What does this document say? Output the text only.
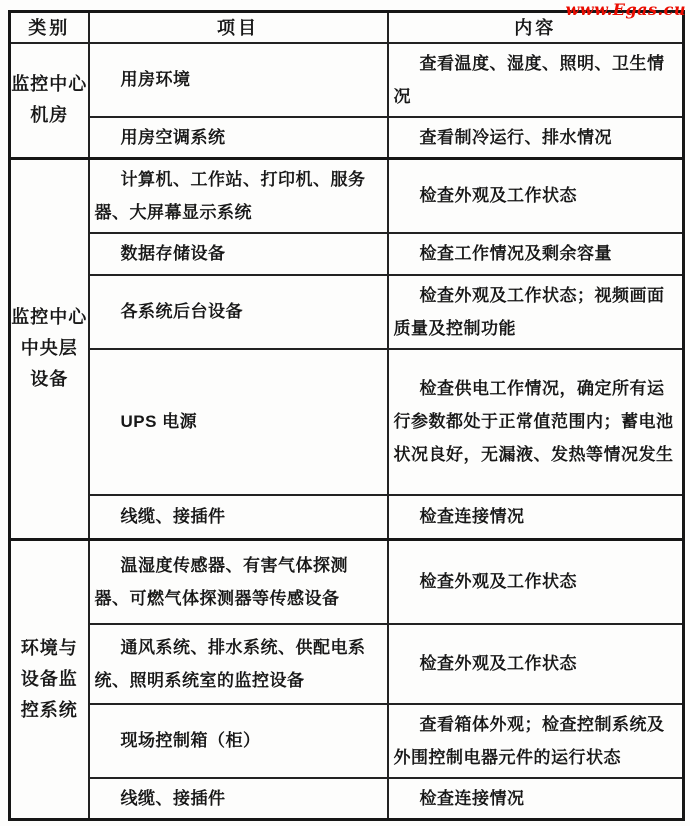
www.Egas.cu
类别	项目	内容

监控中心
机房	用房环境	查看温度、湿度、照明、卫生情况

	用房空调系统	查看制冷运行、排水情况

监控中心
中央层
设备	计算机、工作站、打印机、服务器、大屏幕显示系统	检查外观及工作状态

	数据存储设备	检查工作情况及剩余容量

	各系统后台设备	检查外观及工作状态；视频画面质量及控制功能

	UPS 电源	检查供电工作情况，确定所有运行参数都处于正常值范围内；蓄电池状况良好，无漏液、发热等情况发生

	线缆、接插件	检查连接情况

环境与
设备监
控系统	温湿度传感器、有害气体探测器、可燃气体探测器等传感设备	检查外观及工作状态

	通风系统、排水系统、供配电系统、照明系统室的监控设备	检查外观及工作状态

	现场控制箱（柜）	查看箱体外观；检查控制系统及外围控制电器元件的运行状态

	线缆、接插件	检查连接情况
